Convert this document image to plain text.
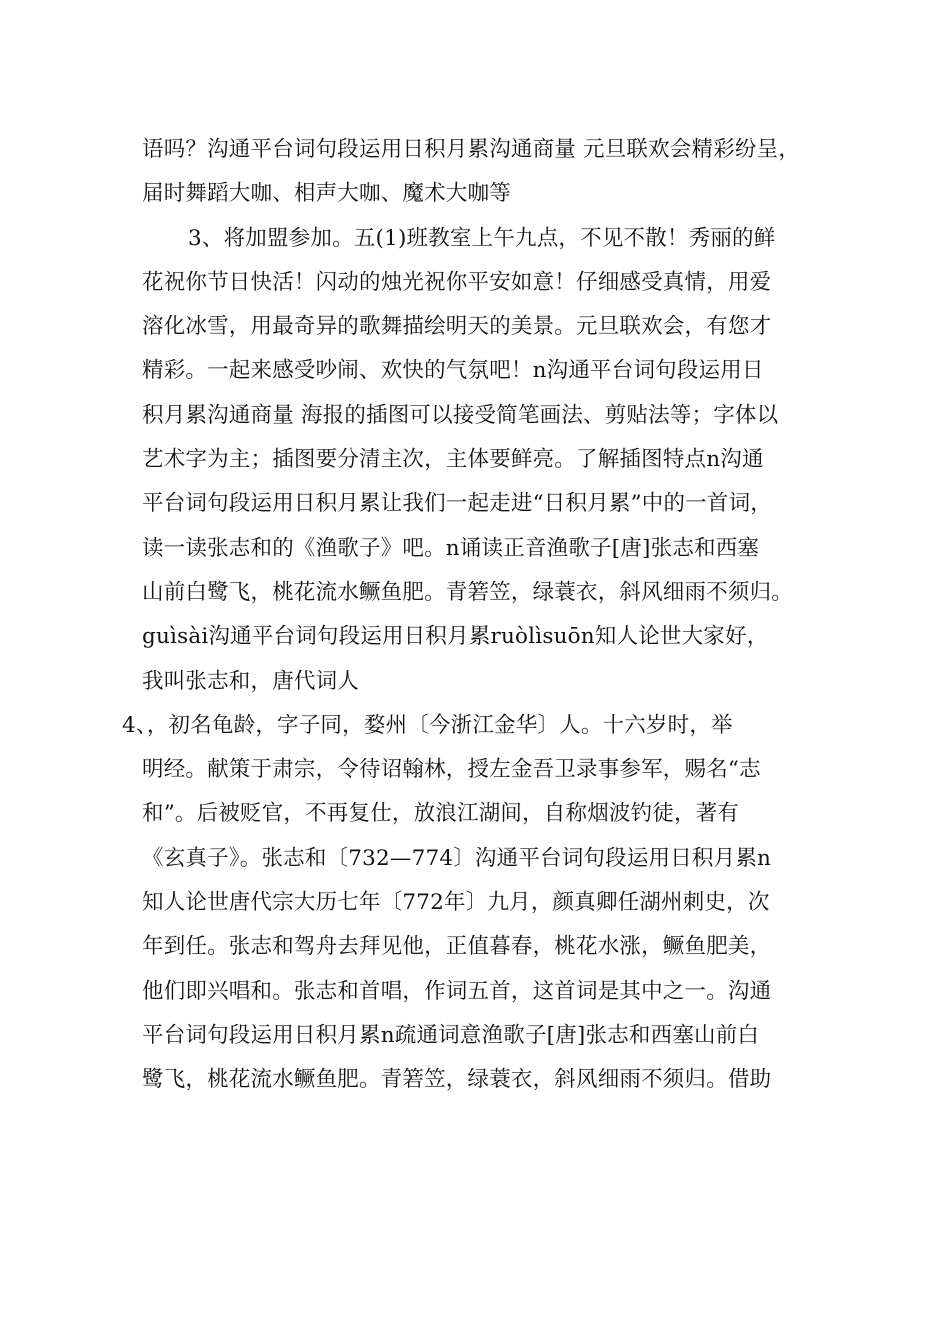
语吗？沟通平台词句段运用日积月累沟通商量 元旦联欢会精彩纷呈，
届时舞蹈大咖、相声大咖、魔术大咖等
3、将加盟参加。五(1)班教室上午九点，不见不散！秀丽的鲜
花祝你节日快活！闪动的烛光祝你平安如意！仔细感受真情，用爱
溶化冰雪，用最奇异的歌舞描绘明天的美景。元旦联欢会，有您才
精彩。一起来感受吵闹、欢快的气氛吧！n沟通平台词句段运用日
积月累沟通商量 海报的插图可以接受简笔画法、剪贴法等；字体以
艺术字为主；插图要分清主次，主体要鲜亮。了解插图特点n沟通
平台词句段运用日积月累让我们一起走进“日积月累”中的一首词，
读一读张志和的《渔歌子》吧。n诵读正音渔歌子[唐]张志和西塞
山前白鹭飞，桃花流水鳜鱼肥。青箬笠，绿蓑衣，斜风细雨不须归。
guìsài沟通平台词句段运用日积月累ruòlìsuōn知人论世大家好，
我叫张志和，唐代词人
4、，初名龟龄，字子同，婺州〔今浙江金华〕人。十六岁时，举
明经。献策于肃宗，令待诏翰林，授左金吾卫录事参军，赐名“志
和”。后被贬官，不再复仕，放浪江湖间，自称烟波钓徒，著有
《玄真子》。张志和〔732—774〕沟通平台词句段运用日积月累n
知人论世唐代宗大历七年〔772年〕九月，颜真卿任湖州刺史，次
年到任。张志和驾舟去拜见他，正值暮春，桃花水涨，鳜鱼肥美，
他们即兴唱和。张志和首唱，作词五首，这首词是其中之一。沟通
平台词句段运用日积月累n疏通词意渔歌子[唐]张志和西塞山前白
鹭飞，桃花流水鳜鱼肥。青箬笠，绿蓑衣，斜风细雨不须归。借助
